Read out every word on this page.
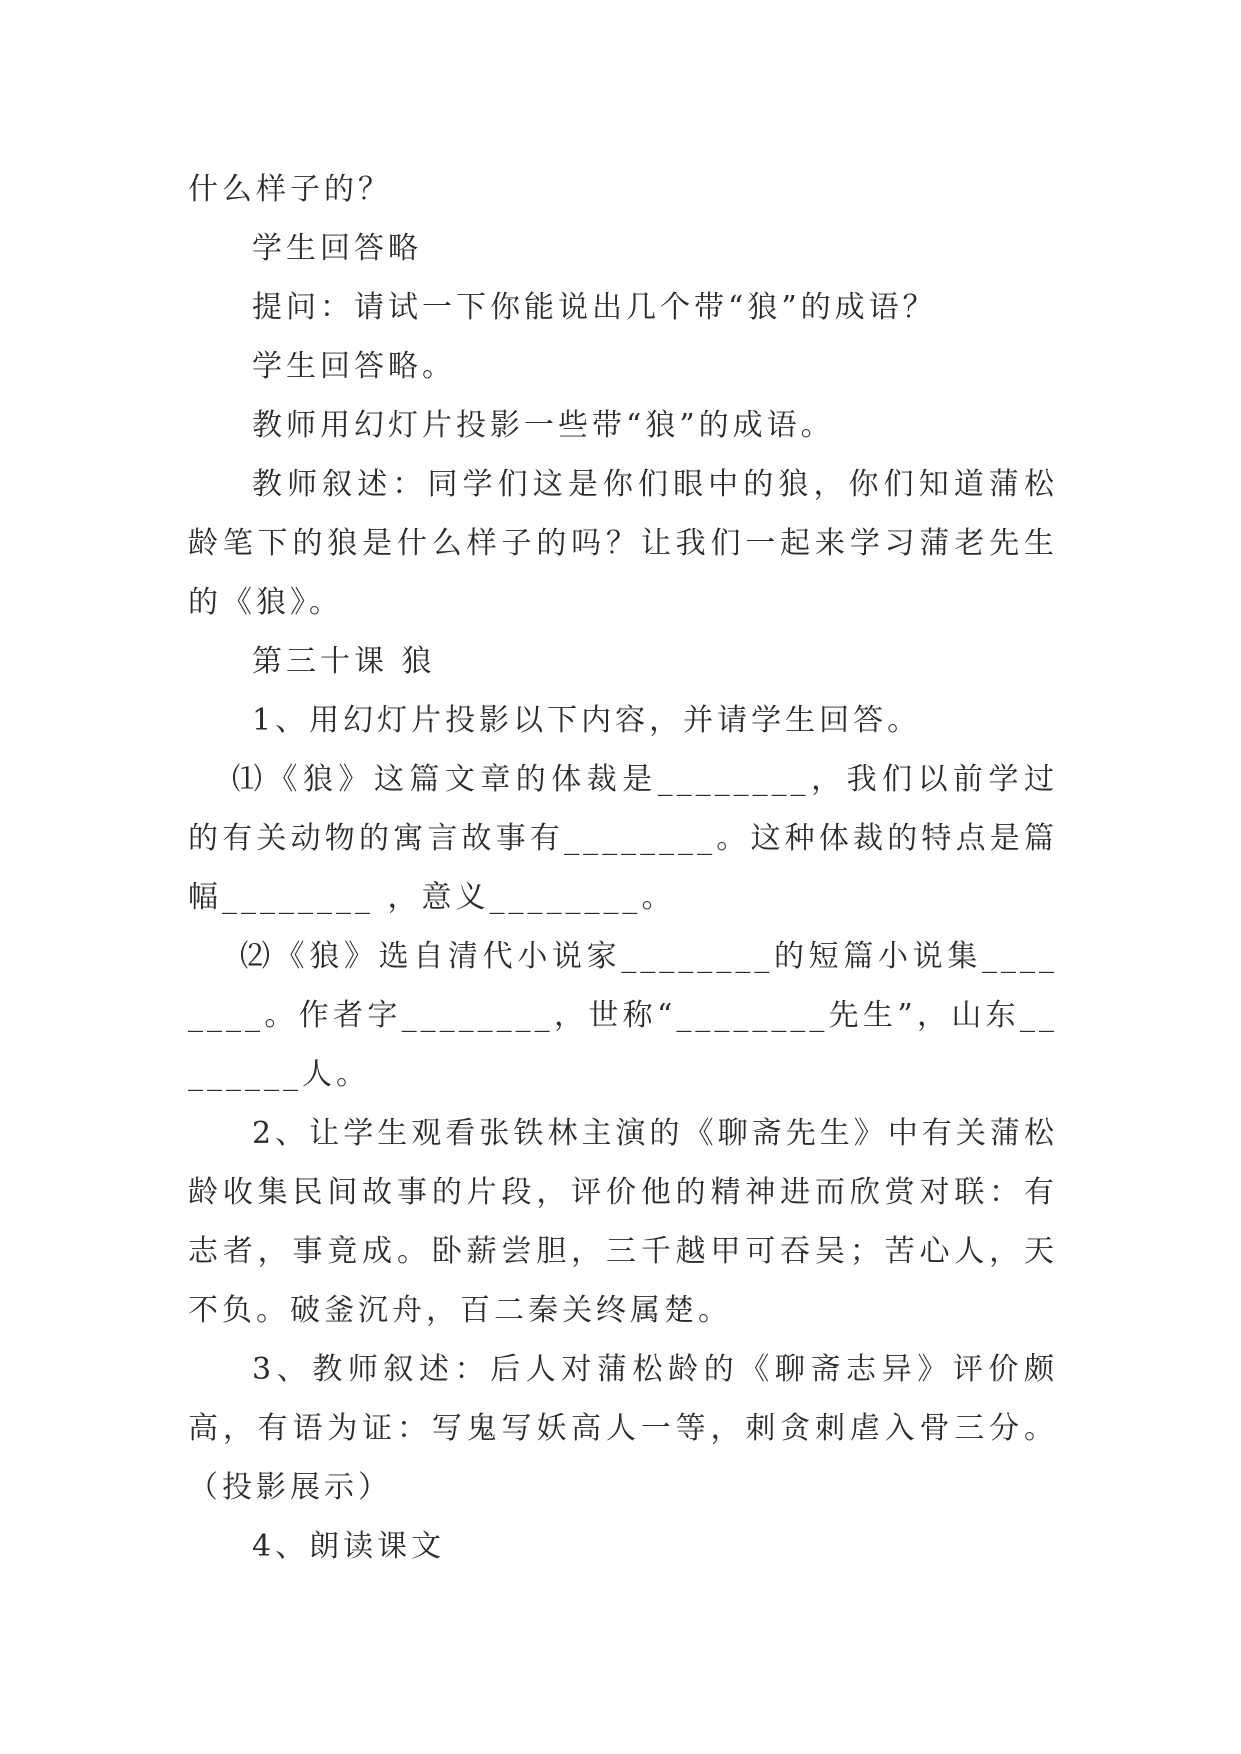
什么样子的？

学生回答略

提问：请试一下你能说出几个带“狼”的成语？

学生回答略。

教师用幻灯片投影一些带“狼”的成语。

教师叙述：同学们这是你们眼中的狼，你们知道蒲松龄笔下的狼是什么样子的吗？让我们一起来学习蒲老先生的《狼》。

第三十课 狼

1、用幻灯片投影以下内容，并请学生回答。

⑴《狼》这篇文章的体裁是________，我们以前学过的有关动物的寓言故事有________。这种体裁的特点是篇幅________ ，意义________。

⑵《狼》选自清代小说家________的短篇小说集________。作者字________，世称“________先生”，山东________人。

2、让学生观看张铁林主演的《聊斋先生》中有关蒲松龄收集民间故事的片段，评价他的精神进而欣赏对联：有志者，事竟成。卧薪尝胆，三千越甲可吞吴；苦心人，天不负。破釜沉舟，百二秦关终属楚。

3、教师叙述：后人对蒲松龄的《聊斋志异》评价颇高，有语为证：写鬼写妖高人一等，刺贪刺虐入骨三分。（投影展示）

4、朗读课文
